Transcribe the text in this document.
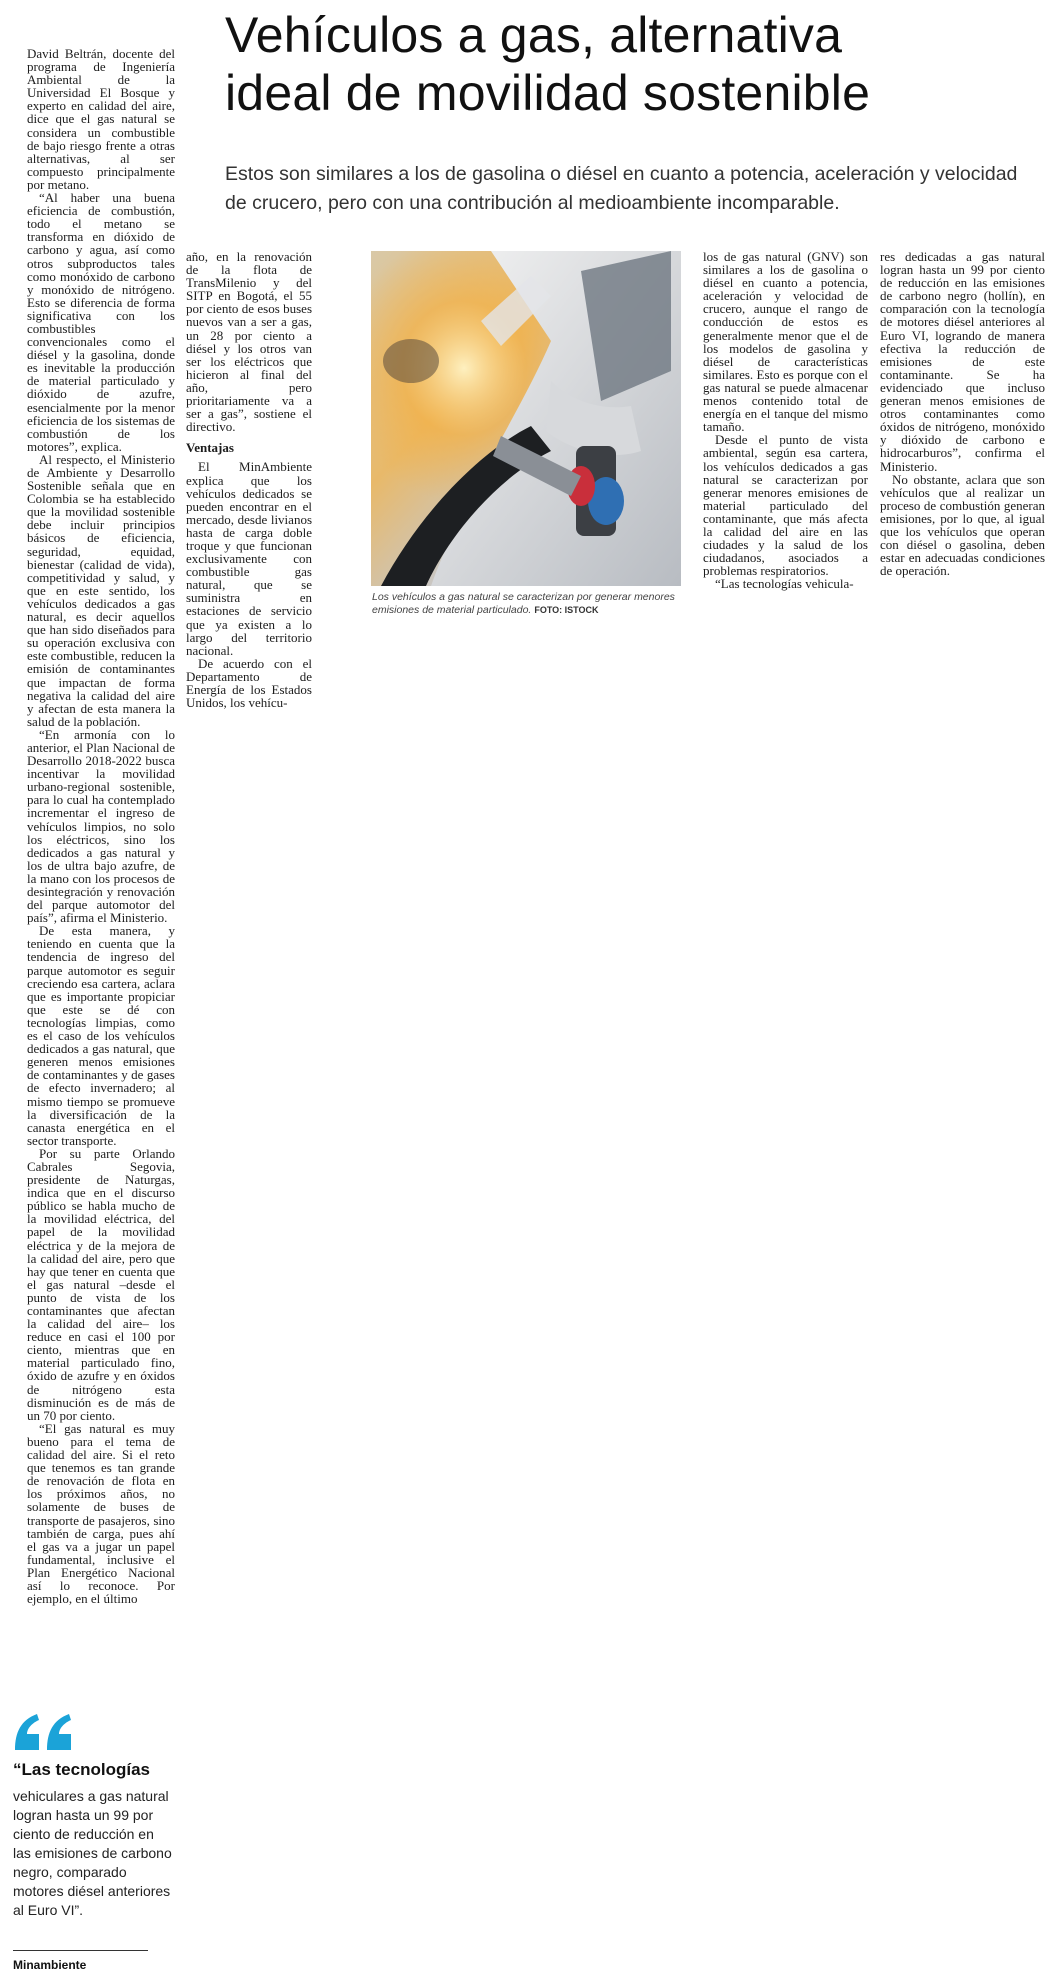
Vehículos a gas, alternativa
ideal de movilidad sostenible
Estos son similares a los de gasolina o diésel en cuanto a potencia, aceleración y velocidad de crucero, pero con una contribución al medioambiente incomparable.

David Beltrán, docente del programa de Ingeniería Ambiental de la Universidad El Bosque y experto en calidad del aire, dice que el gas natural se considera un combustible de bajo riesgo frente a otras alternativas, al ser compuesto principalmente por metano.

“Al haber una buena eficiencia de combustión, todo el metano se transforma en dióxido de carbono y agua, así como otros subproductos tales como monóxido de carbono y monóxido de nitrógeno. Esto se diferencia de forma significativa con los combustibles convencionales como el diésel y la gasolina, donde es inevitable la producción de material particulado y dióxido de azufre, esencialmente por la menor eficiencia de los sistemas de combustión de los motores”, explica.

Al respecto, el Ministerio de Ambiente y Desarrollo Sostenible señala que en Colombia se ha establecido que la movilidad sostenible debe incluir principios básicos de eficiencia, seguridad, equidad, bienestar (calidad de vida), competitividad y salud, y que en este sentido, los vehículos dedicados a gas natural, es decir aquellos que han sido diseñados para su operación exclusiva con este combustible, reducen la emisión de contaminantes que impactan de forma negativa la calidad del aire y afectan de esta manera la salud de la población.

“En armonía con lo anterior, el Plan Nacional de Desarrollo 2018-2022 busca incentivar la movilidad urbano-regional sostenible, para lo cual ha contemplado incrementar el ingreso de vehículos limpios, no solo los eléctricos, sino los dedicados a gas natural y los de ultra bajo azufre, de la mano con los procesos de desintegración y renovación del parque automotor del país”, afirma el Ministerio.

De esta manera, y teniendo en cuenta que la tendencia de ingreso del parque automotor es seguir creciendo esa cartera, aclara que es importante propiciar que este se dé con tecnologías limpias, como es el caso de los vehículos dedicados a gas natural, que generen menos emisiones de contaminantes y de gases de efecto invernadero; al mismo tiempo se promueve la diversificación de la canasta energética en el sector transporte.

Por su parte Orlando Cabrales Segovia, presidente de Naturgas, indica que en el discurso público se habla mucho de la movilidad eléctrica, del papel de la movilidad eléctrica y de la mejora de la calidad del aire, pero que hay que tener en cuenta que el gas natural –desde el punto de vista de los contaminantes que afectan la calidad del aire– los reduce en casi el 100 por ciento, mientras que en material particulado fino, óxido de azufre y en óxidos de nitrógeno esta disminución es de más de un 70 por ciento.

“El gas natural es muy bueno para el tema de calidad del aire. Si el reto que tenemos es tan grande de renovación de flota en los próximos años, no solamente de buses de transporte de pasajeros, sino también de carga, pues ahí el gas va a jugar un papel fundamental, inclusive el Plan Energético Nacional así lo reconoce. Por ejemplo, en el último

año, en la renovación de la flota de TransMilenio y del SITP en Bogotá, el 55 por ciento de esos buses nuevos van a ser a gas, un 28 por ciento a diésel y los otros van ser los eléctricos que hicieron al final del año, pero prioritariamente va a ser a gas”, sostiene el directivo.

Ventajas

El MinAmbiente explica que los vehículos dedicados se pueden encontrar en el mercado, desde livianos hasta de carga doble troque y que funcionan exclusivamente con combustible gas natural, que se suministra en estaciones de servicio que ya existen a lo largo del territorio nacional.

De acuerdo con el Departamento de Energía de los Estados Unidos, los vehícu-

Los vehículos a gas natural se caracterizan por generar menores emisiones de material particulado. FOTO: ISTOCK

los de gas natural (GNV) son similares a los de gasolina o diésel en cuanto a potencia, aceleración y velocidad de crucero, aunque el rango de conducción de estos es generalmente menor que el de los modelos de gasolina y diésel de características similares. Esto es porque con el gas natural se puede almacenar menos contenido total de energía en el tanque del mismo tamaño.

Desde el punto de vista ambiental, según esa cartera, los vehículos dedicados a gas natural se caracterizan por generar menores emisiones de material particulado del contaminante, que más afecta la calidad del aire en las ciudades y la salud de los ciudadanos, asociados a problemas respiratorios.

“Las tecnologías vehicula-

res dedicadas a gas natural logran hasta un 99 por ciento de reducción en las emisiones de carbono negro (hollín), en comparación con la tecnología de motores diésel anteriores al Euro VI, logrando de manera efectiva la reducción de emisiones de este contaminante. Se ha evidenciado que incluso generan menos emisiones de otros contaminantes como óxidos de nitrógeno, monóxido y dióxido de carbono e hidrocarburos”, confirma el Ministerio.

No obstante, aclara que son vehículos que al realizar un proceso de combustión generan emisiones, por lo que, al igual que los vehículos que operan con diésel o gasolina, deben estar en adecuadas condiciones de operación.

“Las tecnologías
vehiculares a gas natural logran hasta un 99 por ciento de reducción en las emisiones de carbono negro, comparado motores diésel anteriores al Euro VI”.
Minambiente
